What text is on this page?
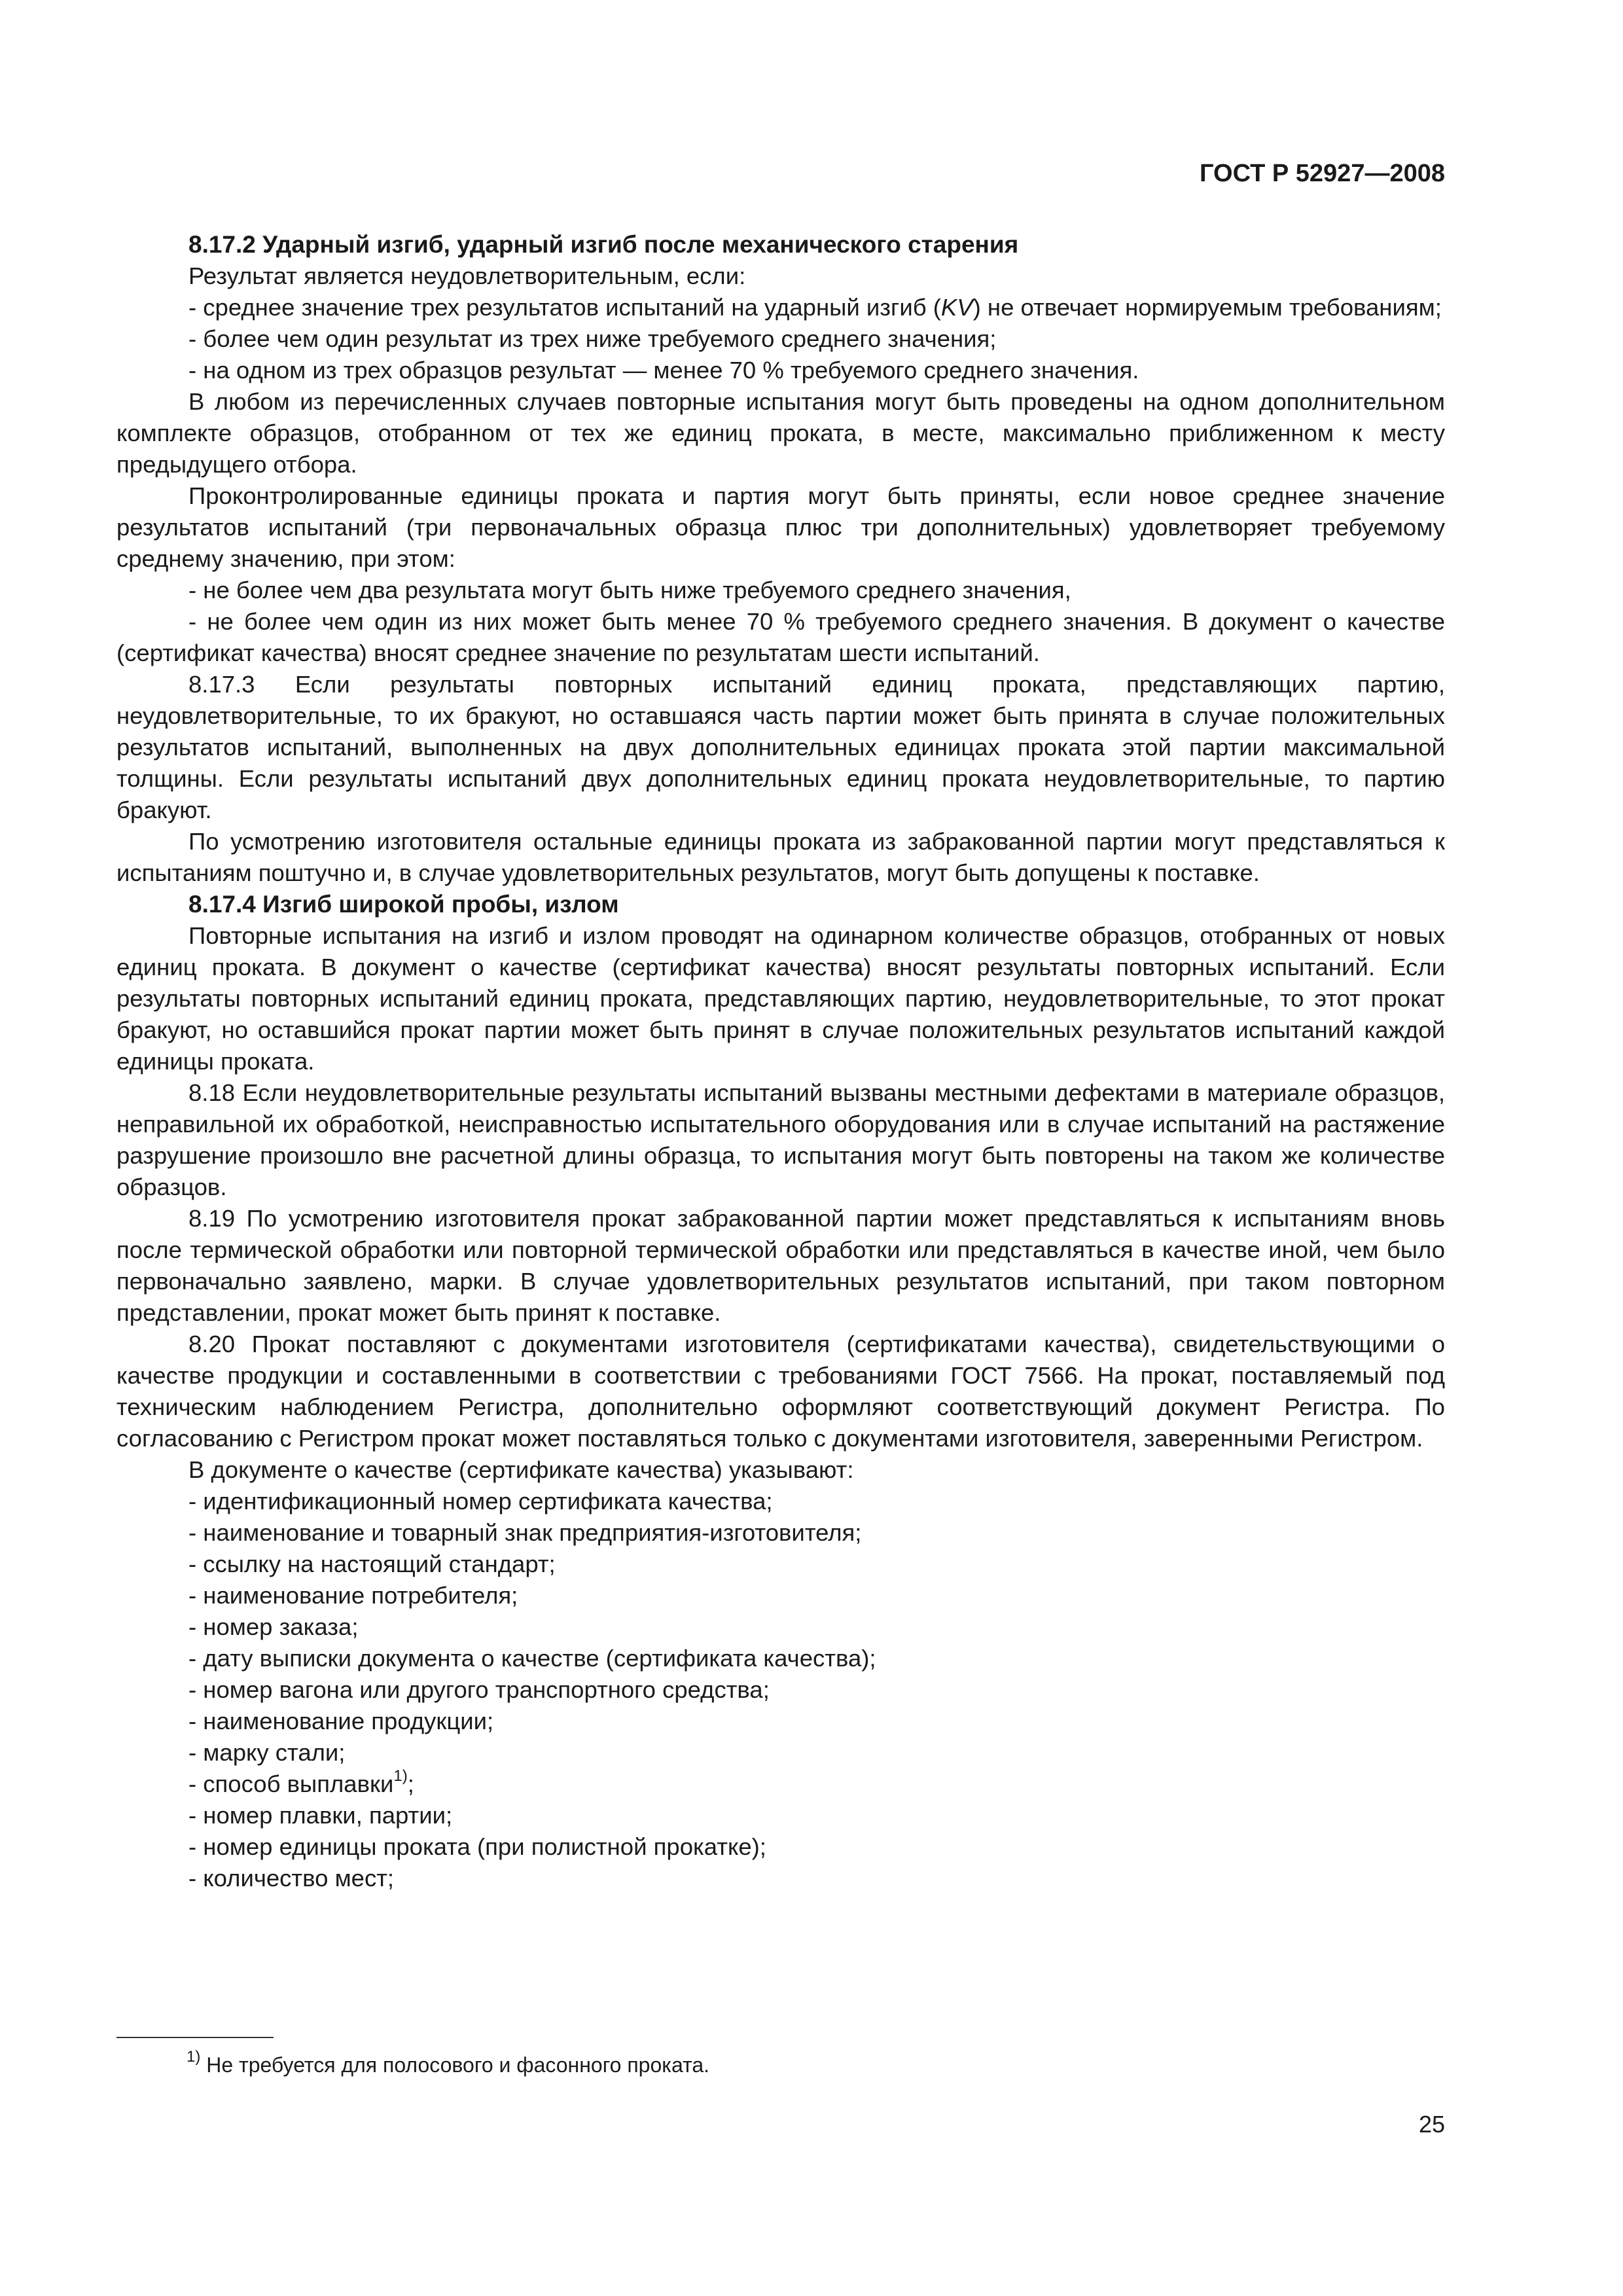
ГОСТ Р 52927—2008

8.17.2 Ударный изгиб, ударный изгиб после механического старения

Результат является неудовлетворительным, если:

- среднее значение трех результатов испытаний на ударный изгиб (KV) не отвечает нормируемым требованиям;

- более чем один результат из трех ниже требуемого среднего значения;

- на одном из трех образцов результат — менее 70 % требуемого среднего значения.

В любом из перечисленных случаев повторные испытания могут быть проведены на одном дополнительном комплекте образцов, отобранном от тех же единиц проката, в месте, максимально приближенном к месту предыдущего отбора.

Проконтролированные единицы проката и партия могут быть приняты, если новое среднее значение результатов испытаний (три первоначальных образца плюс три дополнительных) удовлетворяет требуемому среднему значению, при этом:

- не более чем два результата могут быть ниже требуемого среднего значения,

- не более чем один из них может быть менее 70 % требуемого среднего значения. В документ о качестве (сертификат качества) вносят среднее значение по результатам шести испытаний.

8.17.3 Если результаты повторных испытаний единиц проката, представляющих партию, неудовлетворительные, то их бракуют, но оставшаяся часть партии может быть принята в случае положительных результатов испытаний, выполненных на двух дополнительных единицах проката этой партии максимальной толщины. Если результаты испытаний двух дополнительных единиц проката неудовлетворительные, то партию бракуют.

По усмотрению изготовителя остальные единицы проката из забракованной партии могут представляться к испытаниям поштучно и, в случае удовлетворительных результатов, могут быть допущены к поставке.

8.17.4 Изгиб широкой пробы, излом

Повторные испытания на изгиб и излом проводят на одинарном количестве образцов, отобранных от новых единиц проката. В документ о качестве (сертификат качества) вносят результаты повторных испытаний. Если результаты повторных испытаний единиц проката, представляющих партию, неудовлетворительные, то этот прокат бракуют, но оставшийся прокат партии может быть принят в случае положительных результатов испытаний каждой единицы проката.

8.18 Если неудовлетворительные результаты испытаний вызваны местными дефектами в материале образцов, неправильной их обработкой, неисправностью испытательного оборудования или в случае испытаний на растяжение разрушение произошло вне расчетной длины образца, то испытания могут быть повторены на таком же количестве образцов.

8.19 По усмотрению изготовителя прокат забракованной партии может представляться к испытаниям вновь после термической обработки или повторной термической обработки или представляться в качестве иной, чем было первоначально заявлено, марки. В случае удовлетворительных результатов испытаний, при таком повторном представлении, прокат может быть принят к поставке.

8.20 Прокат поставляют с документами изготовителя (сертификатами качества), свидетельствующими о качестве продукции и составленными в соответствии с требованиями ГОСТ 7566. На прокат, поставляемый под техническим наблюдением Регистра, дополнительно оформляют соответствующий документ Регистра. По согласованию с Регистром прокат может поставляться только с документами изготовителя, заверенными Регистром.

В документе о качестве (сертификате качества) указывают:

- идентификационный номер сертификата качества;
- наименование и товарный знак предприятия-изготовителя;
- ссылку на настоящий стандарт;
- наименование потребителя;
- номер заказа;
- дату выписки документа о качестве (сертификата качества);
- номер вагона или другого транспортного средства;
- наименование продукции;
- марку стали;
- способ выплавки$^{1)}$;
- номер плавки, партии;
- номер единицы проката (при полистной прокатке);
- количество мест;
$^{1)}$ Не требуется для полосового и фасонного проката.
25
